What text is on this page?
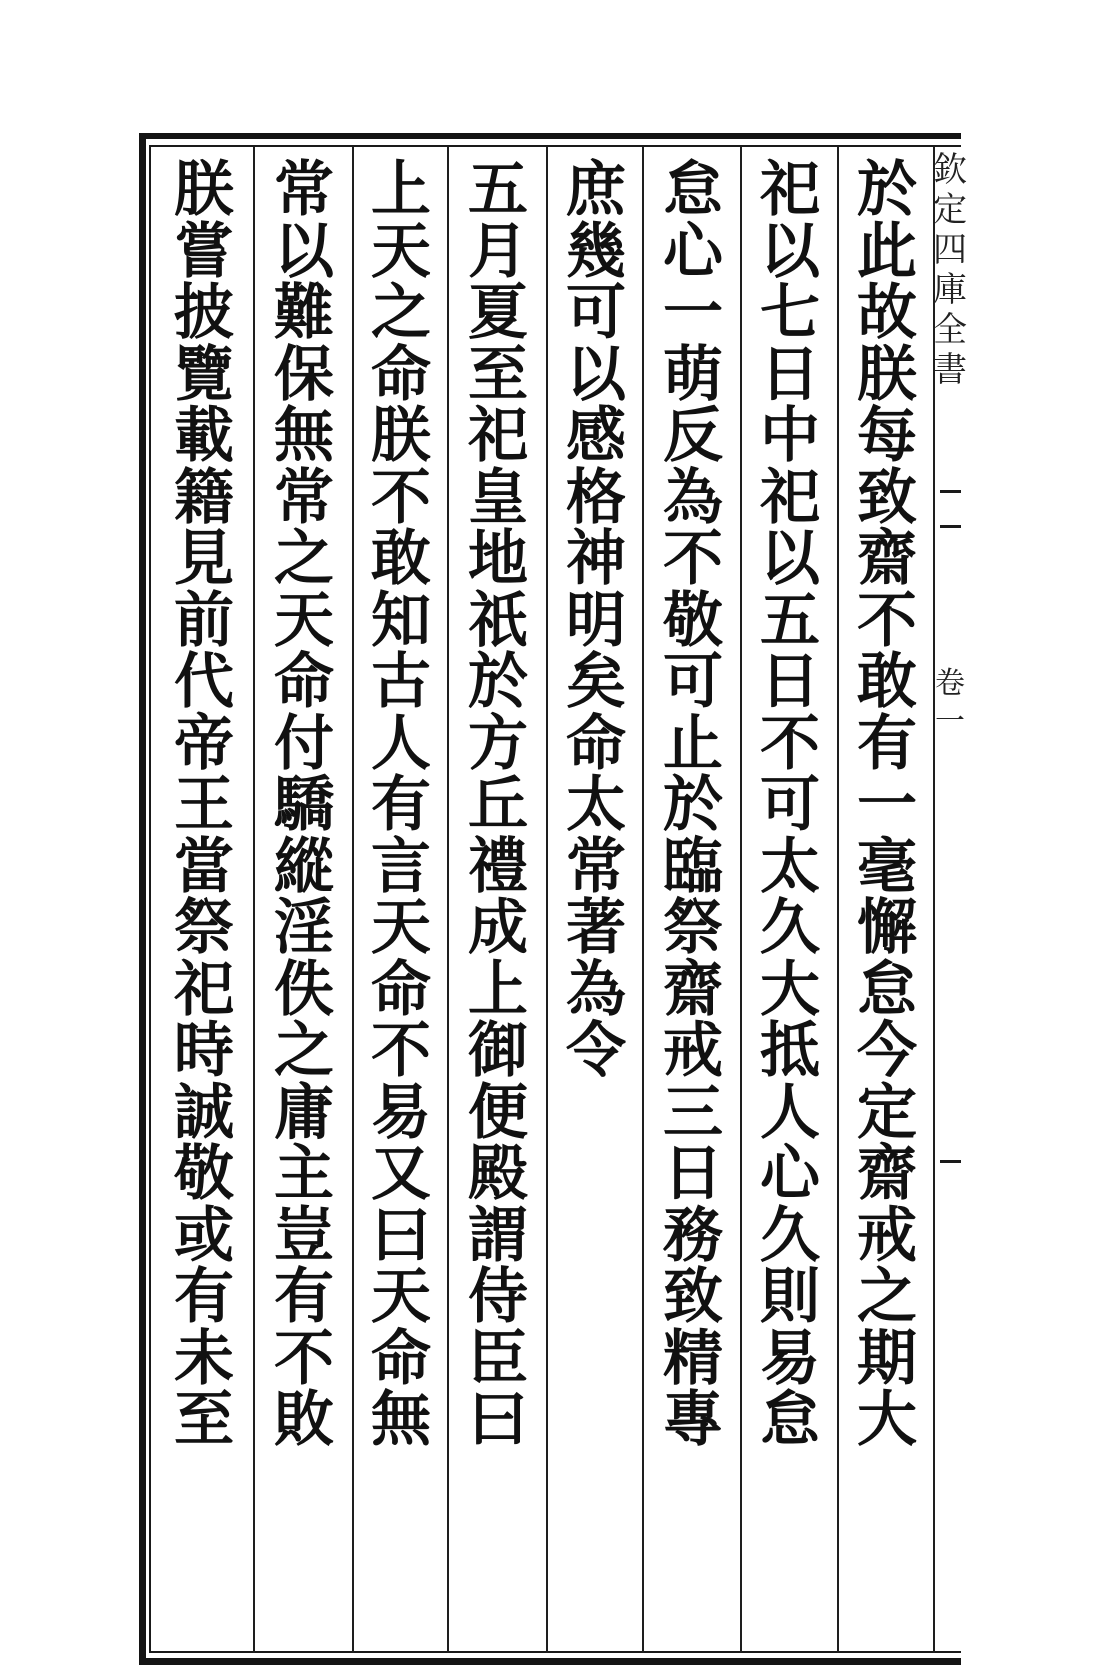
欽
定
四
庫
全
書
卷
一
於
此
故
朕
每
致
齋
不
敢
有
一
毫
懈
怠
今
定
齋
戒
之
期
大
祀
以
七
日
中
祀
以
五
日
不
可
太
久
大
抵
人
心
久
則
易
怠
怠
心
一
萌
反
為
不
敬
可
止
於
臨
祭
齋
戒
三
日
務
致
精
專
庶
幾
可
以
感
格
神
明
矣
命
太
常
著
為
令
五
月
夏
至
祀
皇
地
祇
於
方
丘
禮
成
上
御
便
殿
謂
侍
臣
曰
上
天
之
命
朕
不
敢
知
古
人
有
言
天
命
不
易
又
曰
天
命
無
常
以
難
保
無
常
之
天
命
付
驕
縱
淫
佚
之
庸
主
豈
有
不
敗
朕
嘗
披
覽
載
籍
見
前
代
帝
王
當
祭
祀
時
誠
敬
或
有
未
至
